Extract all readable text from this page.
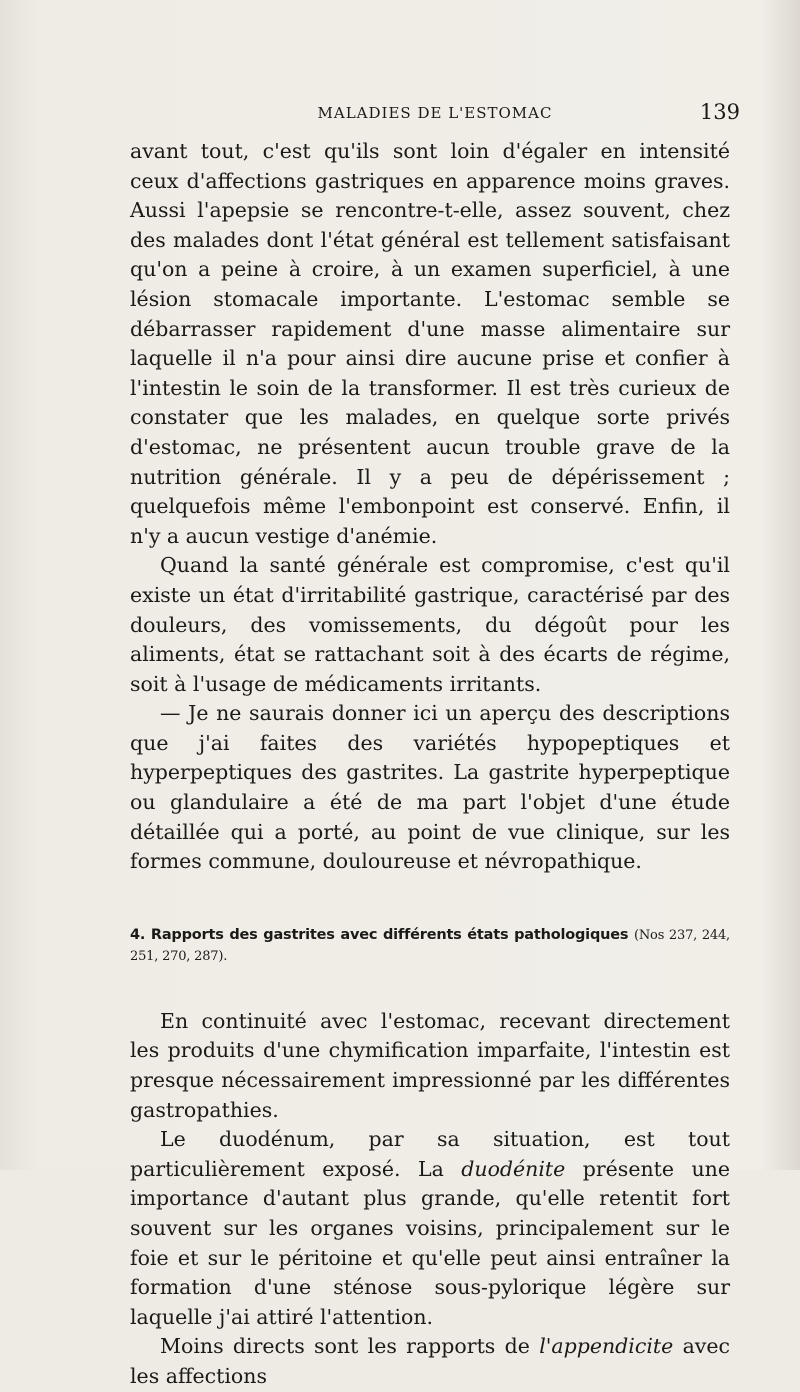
MALADIES DE L'ESTOMAC	139

avant tout, c'est qu'ils sont loin d'égaler en intensité ceux d'affections gastriques en apparence moins graves. Aussi l'apepsie se rencontre-t-elle, assez souvent, chez des malades dont l'état général est tellement satisfaisant qu'on a peine à croire, à un examen superficiel, à une lésion stomacale importante. L'estomac semble se débarrasser rapidement d'une masse alimentaire sur laquelle il n'a pour ainsi dire aucune prise et confier à l'intestin le soin de la transformer. Il est très curieux de constater que les malades, en quelque sorte privés d'estomac, ne présentent aucun trouble grave de la nutrition générale. Il y a peu de dépérissement ; quelquefois même l'embonpoint est conservé. Enfin, il n'y a aucun vestige d'anémie.

Quand la santé générale est compromise, c'est qu'il existe un état d'irritabilité gastrique, caractérisé par des douleurs, des vomissements, du dégoût pour les aliments, état se rattachant soit à des écarts de régime, soit à l'usage de médicaments irritants.

— Je ne saurais donner ici un aperçu des descriptions que j'ai faites des variétés hypopeptiques et hyperpeptiques des gastrites. La gastrite hyperpeptique ou glandulaire a été de ma part l'objet d'une étude détaillée qui a porté, au point de vue clinique, sur les formes commune, douloureuse et névropathique.

4. Rapports des gastrites avec différents états pathologiques (Nos 237, 244, 251, 270, 287).

En continuité avec l'estomac, recevant directement les produits d'une chymification imparfaite, l'intestin est presque nécessairement impressionné par les différentes gastropathies.

Le duodénum, par sa situation, est tout particulièrement exposé. La duodénite présente une importance d'autant plus grande, qu'elle retentit fort souvent sur les organes voisins, principalement sur le foie et sur le péritoine et qu'elle peut ainsi entraîner la formation d'une sténose sous-pylorique légère sur laquelle j'ai attiré l'attention.

Moins directs sont les rapports de l'appendicite avec les affections
